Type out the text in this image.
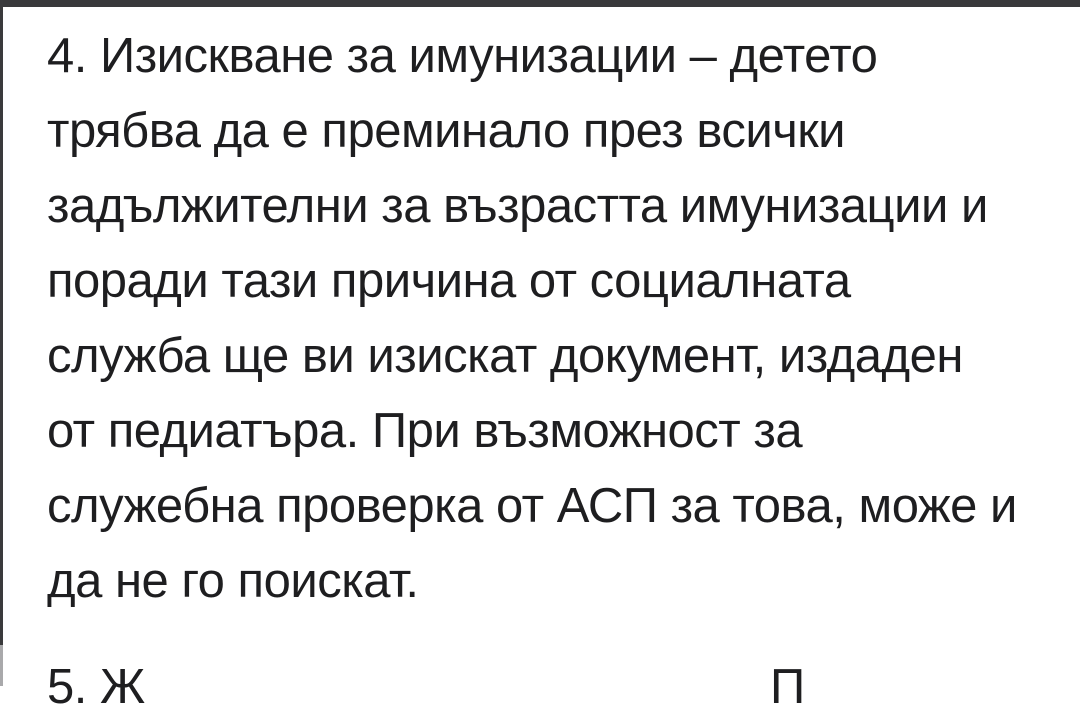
4. Изискване за имунизации – детето
трябва да е преминало през всички
задължителни за възрастта имунизации и
поради тази причина от социалната
служба ще ви изискат документ, издаден
от педиатъра. При възможност за
служебна проверка от АСП за това, може и
да не го поискат.
5. Ж	П
